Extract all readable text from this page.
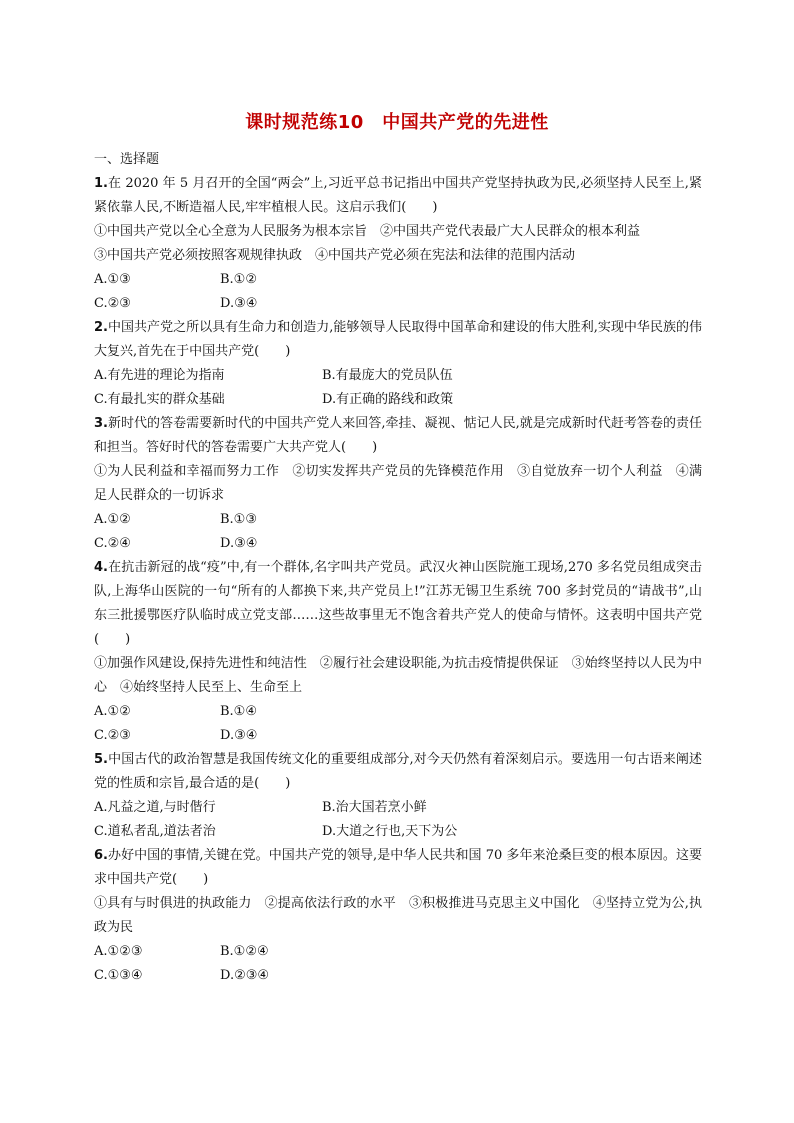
课时规范练10　中国共产党的先进性
一、选择题
1.在 2020 年 5 月召开的全国“两会”上,习近平总书记指出中国共产党坚持执政为民,必须坚持人民至上,紧紧依靠人民,不断造福人民,牢牢植根人民。这启示我们(　　)
①中国共产党以全心全意为人民服务为根本宗旨　②中国共产党代表最广大人民群众的根本利益
③中国共产党必须按照客观规律执政　④中国共产党必须在宪法和法律的范围内活动
A.①③	B.①②
C.②③	D.③④
2.中国共产党之所以具有生命力和创造力,能够领导人民取得中国革命和建设的伟大胜利,实现中华民族的伟大复兴,首先在于中国共产党(　　)
A.有先进的理论为指南	B.有最庞大的党员队伍
C.有最扎实的群众基础	D.有正确的路线和政策
3.新时代的答卷需要新时代的中国共产党人来回答,牵挂、凝视、惦记人民,就是完成新时代赶考答卷的责任和担当。答好时代的答卷需要广大共产党人(　　)
①为人民利益和幸福而努力工作　②切实发挥共产党员的先锋模范作用　③自觉放弃一切个人利益　④满足人民群众的一切诉求
A.①②	B.①③
C.②④	D.③④
4.在抗击新冠的战“疫”中,有一个群体,名字叫共产党员。武汉火神山医院施工现场,270 多名党员组成突击队,上海华山医院的一句“所有的人都换下来,共产党员上!”江苏无锡卫生系统 700 多封党员的“请战书”,山东三批援鄂医疗队临时成立党支部……这些故事里无不饱含着共产党人的使命与情怀。这表明中国共产党(　　)
①加强作风建设,保持先进性和纯洁性　②履行社会建设职能,为抗击疫情提供保证　③始终坚持以人民为中心　④始终坚持人民至上、生命至上
A.①②	B.①④
C.②③	D.③④
5.中国古代的政治智慧是我国传统文化的重要组成部分,对今天仍然有着深刻启示。要选用一句古语来阐述党的性质和宗旨,最合适的是(　　)
A.凡益之道,与时偕行	B.治大国若烹小鲜
C.道私者乱,道法者治	D.大道之行也,天下为公
6.办好中国的事情,关键在党。中国共产党的领导,是中华人民共和国 70 多年来沧桑巨变的根本原因。这要求中国共产党(　　)
①具有与时俱进的执政能力　②提高依法行政的水平　③积极推进马克思主义中国化　④坚持立党为公,执政为民
A.①②③	B.①②④
C.①③④	D.②③④
